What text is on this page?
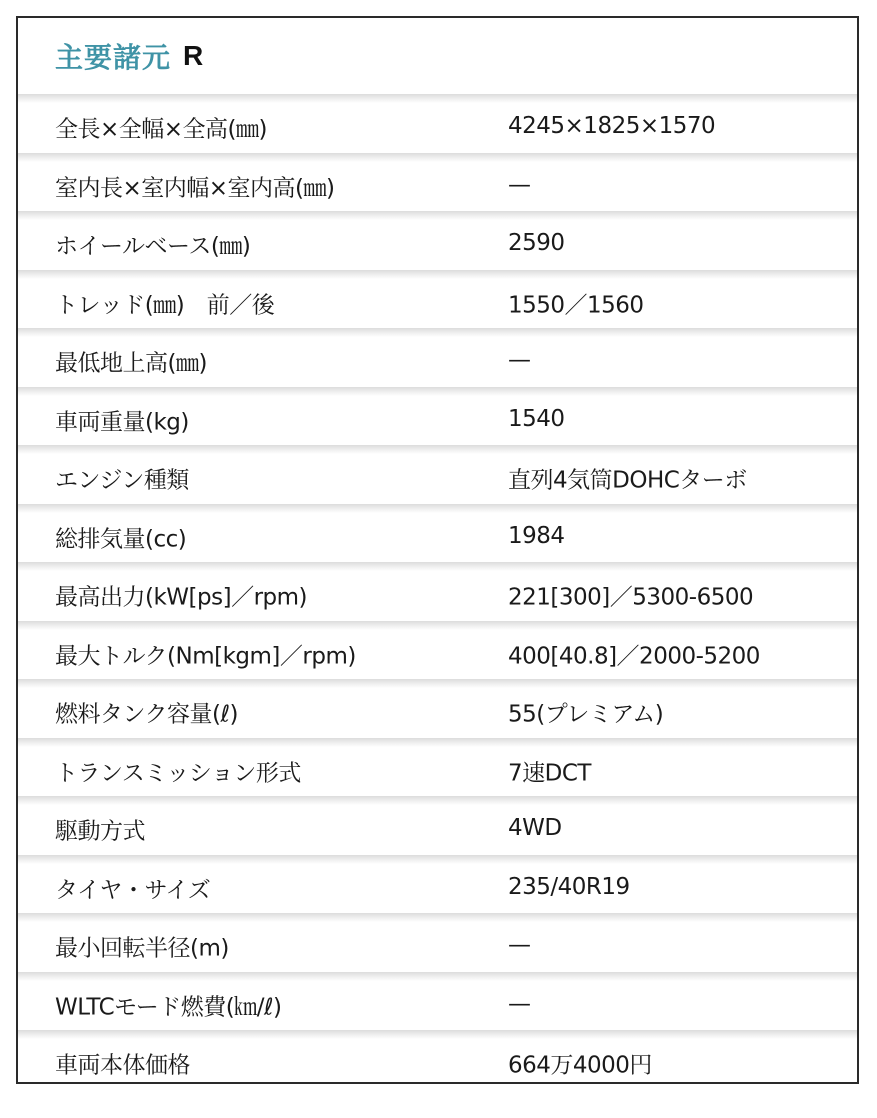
主要諸元 R
全長×全幅×全高(㎜)	4245×1825×1570
室内長×室内幅×室内高(㎜)	—
ホイールベース(㎜)	2590
トレッド(㎜)　前／後	1550／1560
最低地上高(㎜)	—
車両重量(kg)	1540
エンジン種類	直列4気筒DOHCターボ
総排気量(cc)	1984
最高出力(kW[ps]／rpm)	221[300]／5300-6500
最大トルク(Nm[kgm]／rpm)	400[40.8]／2000-5200
燃料タンク容量(ℓ)	55(プレミアム)
トランスミッション形式	7速DCT
駆動方式	4WD
タイヤ・サイズ	235/40R19
最小回転半径(m)	—
WLTCモード燃費(㎞/ℓ)	—
車両本体価格	664万4000円
